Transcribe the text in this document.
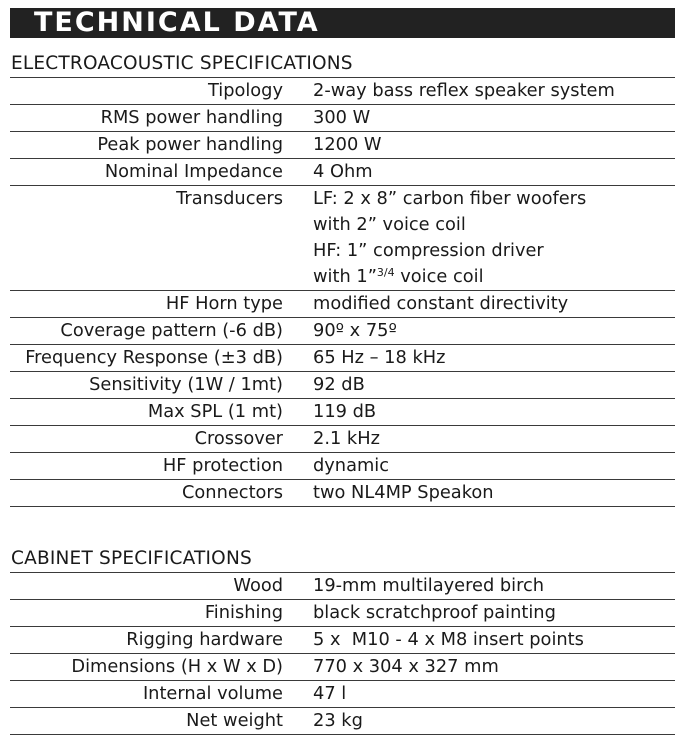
TECHNICAL DATA
ELECTROACOUSTIC SPECIFICATIONS
Tipology	2-way bass reflex speaker system
RMS power handling	300 W
Peak power handling	1200 W
Nominal Impedance	4 Ohm
Transducers LF: 2 x 8” carbon fiber woofers
with 2” voice coil
HF: 1” compression driver
with 1”$^{3/4}$ voice coil
HF Horn type	modified constant directivity
Coverage pattern (-6 dB)	90º x 75º
Frequency Response (±3 dB)	65 Hz – 18 kHz
Sensitivity (1W / 1mt)	92 dB
Max SPL (1 mt)	119 dB
Crossover	2.1 kHz
HF protection	dynamic
Connectors	two NL4MP Speakon
CABINET SPECIFICATIONS
Wood	19-mm multilayered birch
Finishing	black scratchproof painting
Rigging hardware	5 x  M10 - 4 x M8 insert points
Dimensions (H x W x D)	770 x 304 x 327 mm
Internal volume	47 l
Net weight	23 kg
